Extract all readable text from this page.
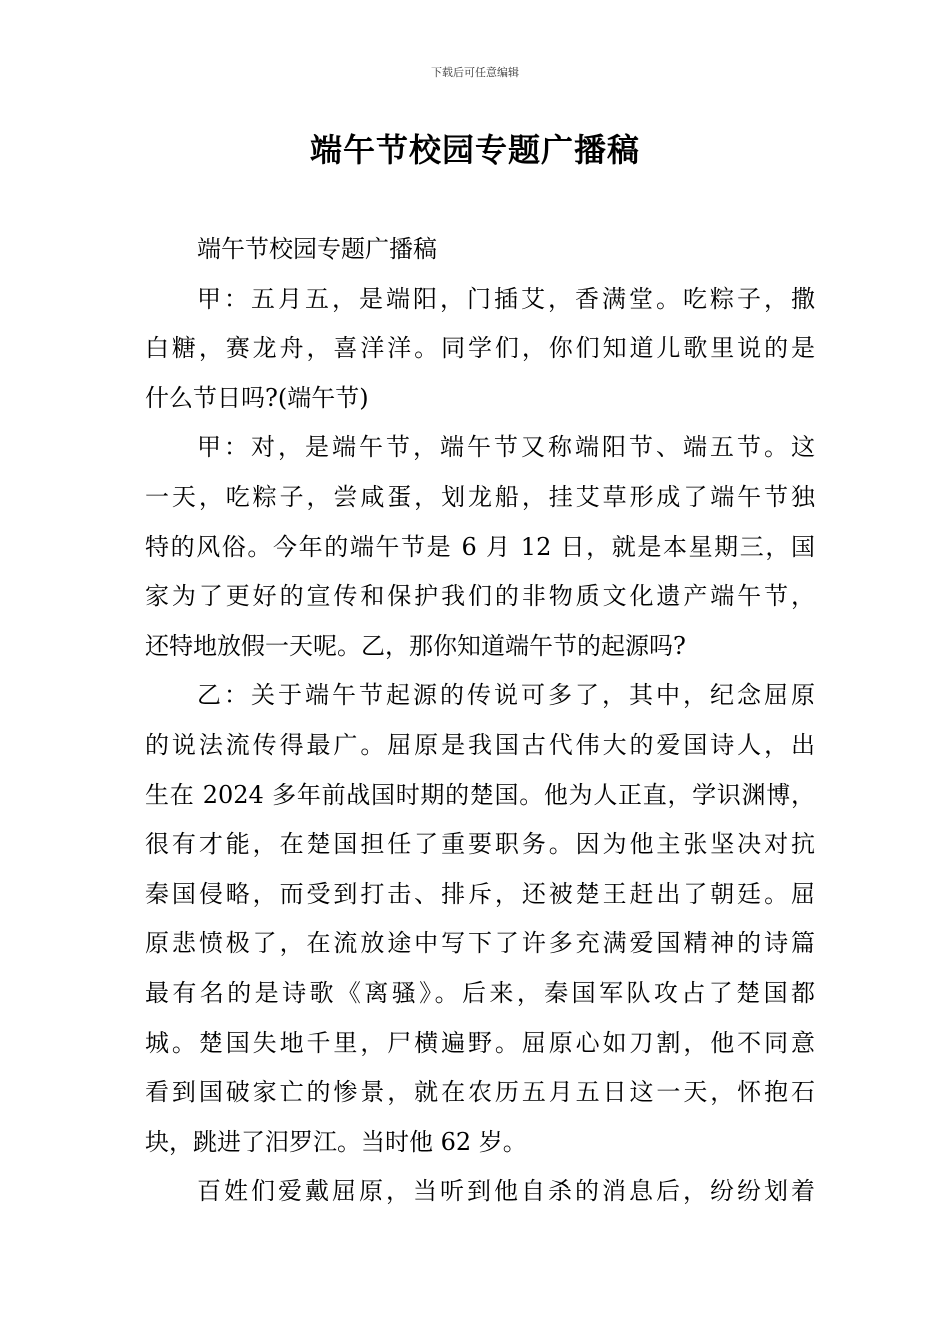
下载后可任意编辑
端午节校园专题广播稿
端午节校园专题广播稿
甲：五月五，是端阳，门插艾，香满堂。吃粽子，撒
白糖，赛龙舟，喜洋洋。同学们，你们知道儿歌里说的是
什么节日吗?(端午节)
甲：对，是端午节，端午节又称端阳节、端五节。这
一天，吃粽子，尝咸蛋，划龙船，挂艾草形成了端午节独
特的风俗。今年的端午节是 6 月 12 日，就是本星期三，国
家为了更好的宣传和保护我们的非物质文化遗产端午节，
还特地放假一天呢。乙，那你知道端午节的起源吗?
乙：关于端午节起源的传说可多了，其中，纪念屈原
的说法流传得最广。屈原是我国古代伟大的爱国诗人，出
生在 2024 多年前战国时期的楚国。他为人正直，学识渊博，
很有才能，在楚国担任了重要职务。因为他主张坚决对抗
秦国侵略，而受到打击、排斥，还被楚王赶出了朝廷。屈
原悲愤极了，在流放途中写下了许多充满爱国精神的诗篇
最有名的是诗歌《离骚》。后来，秦国军队攻占了楚国都
城。楚国失地千里，尸横遍野。屈原心如刀割，他不同意
看到国破家亡的惨景，就在农历五月五日这一天，怀抱石
块，跳进了汨罗江。当时他 62 岁。
百姓们爱戴屈原，当听到他自杀的消息后，纷纷划着
